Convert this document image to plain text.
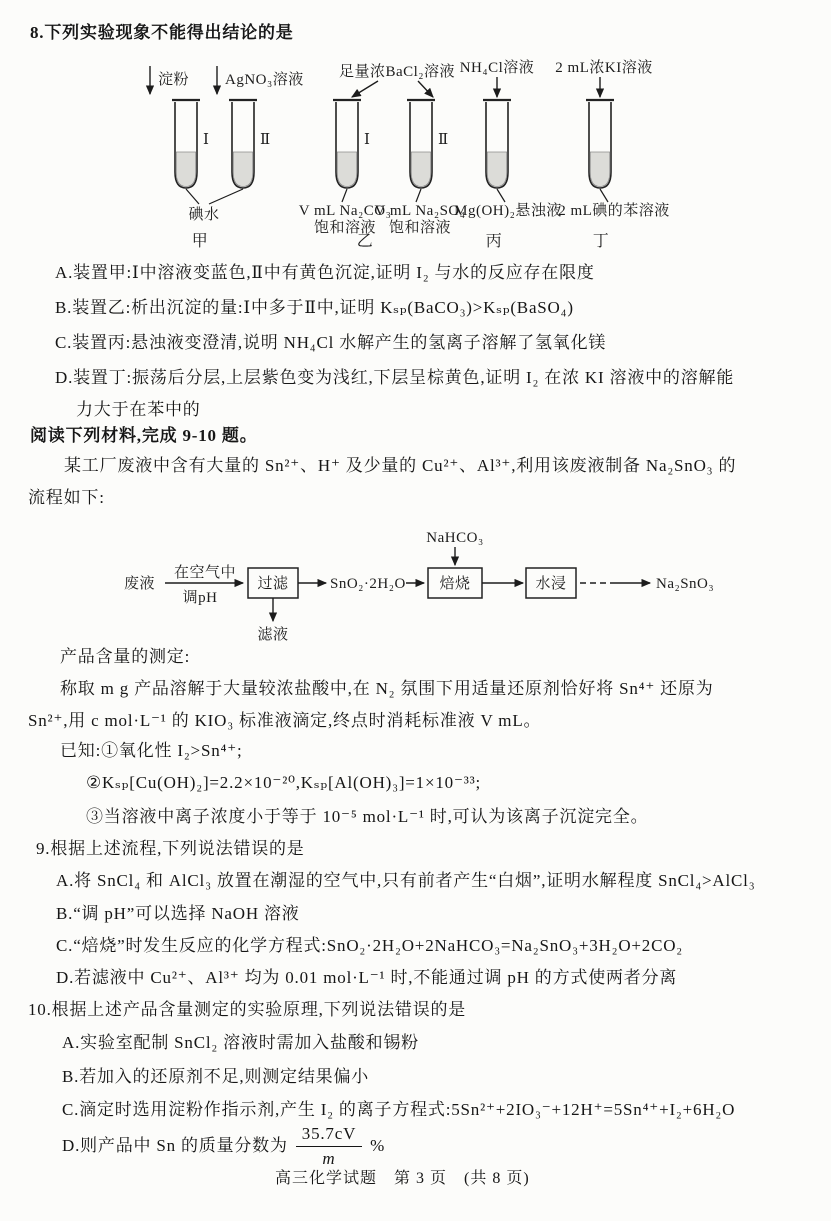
8.下列实验现象不能得出结论的是
淀粉 AgNO₃溶液
Ⅰ	Ⅱ
碘水
甲
足量浓BaCl₂溶液
Ⅰ	Ⅱ
V mL Na₂CO₃
饱和溶液
V mL Na₂SO₄
饱和溶液
乙
NH₄Cl溶液
Mg(OH)₂悬浊液
丙
2 mL浓KI溶液
2 mL碘的苯溶液
丁
A.装置甲:Ⅰ中溶液变蓝色,Ⅱ中有黄色沉淀,证明 I₂ 与水的反应存在限度
B.装置乙:析出沉淀的量:Ⅰ中多于Ⅱ中,证明 Kₛₚ(BaCO₃)>Kₛₚ(BaSO₄)
C.装置丙:悬浊液变澄清,说明 NH₄Cl 水解产生的氢离子溶解了氢氧化镁
D.装置丁:振荡后分层,上层紫色变为浅红,下层呈棕黄色,证明 I₂ 在浓 KI 溶液中的溶解能
力大于在苯中的
阅读下列材料,完成 9-10 题。
某工厂废液中含有大量的 Sn²⁺、H⁺ 及少量的 Cu²⁺、Al³⁺,利用该废液制备 Na₂SnO₃ 的
流程如下:
NaHCO₃
废液
在空气中
调pH
过滤
滤液
SnO₂·2H₂O 焙烧	水浸	Na₂SnO₃
产品含量的测定:
称取 m g 产品溶解于大量较浓盐酸中,在 N₂ 氛围下用适量还原剂恰好将 Sn⁴⁺ 还原为
Sn²⁺,用 c mol·L⁻¹ 的 KIO₃ 标准液滴定,终点时消耗标准液 V mL。
已知:①氧化性 I₂>Sn⁴⁺;
②Kₛₚ[Cu(OH)₂]=2.2×10⁻²⁰,Kₛₚ[Al(OH)₃]=1×10⁻³³;
③当溶液中离子浓度小于等于 10⁻⁵ mol·L⁻¹ 时,可认为该离子沉淀完全。
9.根据上述流程,下列说法错误的是
A.将 SnCl₄ 和 AlCl₃ 放置在潮湿的空气中,只有前者产生“白烟”,证明水解程度 SnCl₄>AlCl₃
B.“调 pH”可以选择 NaOH 溶液
C.“焙烧”时发生反应的化学方程式:SnO₂·2H₂O+2NaHCO₃=Na₂SnO₃+3H₂O+2CO₂
D.若滤液中 Cu²⁺、Al³⁺ 均为 0.01 mol·L⁻¹ 时,不能通过调 pH 的方式使两者分离
10.根据上述产品含量测定的实验原理,下列说法错误的是
A.实验室配制 SnCl₂ 溶液时需加入盐酸和锡粉
B.若加入的还原剂不足,则测定结果偏小
C.滴定时选用淀粉作指示剂,产生 I₂ 的离子方程式:5Sn²⁺+2IO₃⁻+12H⁺=5Sn⁴⁺+I₂+6H₂O
D.则产品中 Sn 的质量分数为 $\frac{35.7cV}{m}$ %
高三化学试题　第 3 页　(共 8 页)
